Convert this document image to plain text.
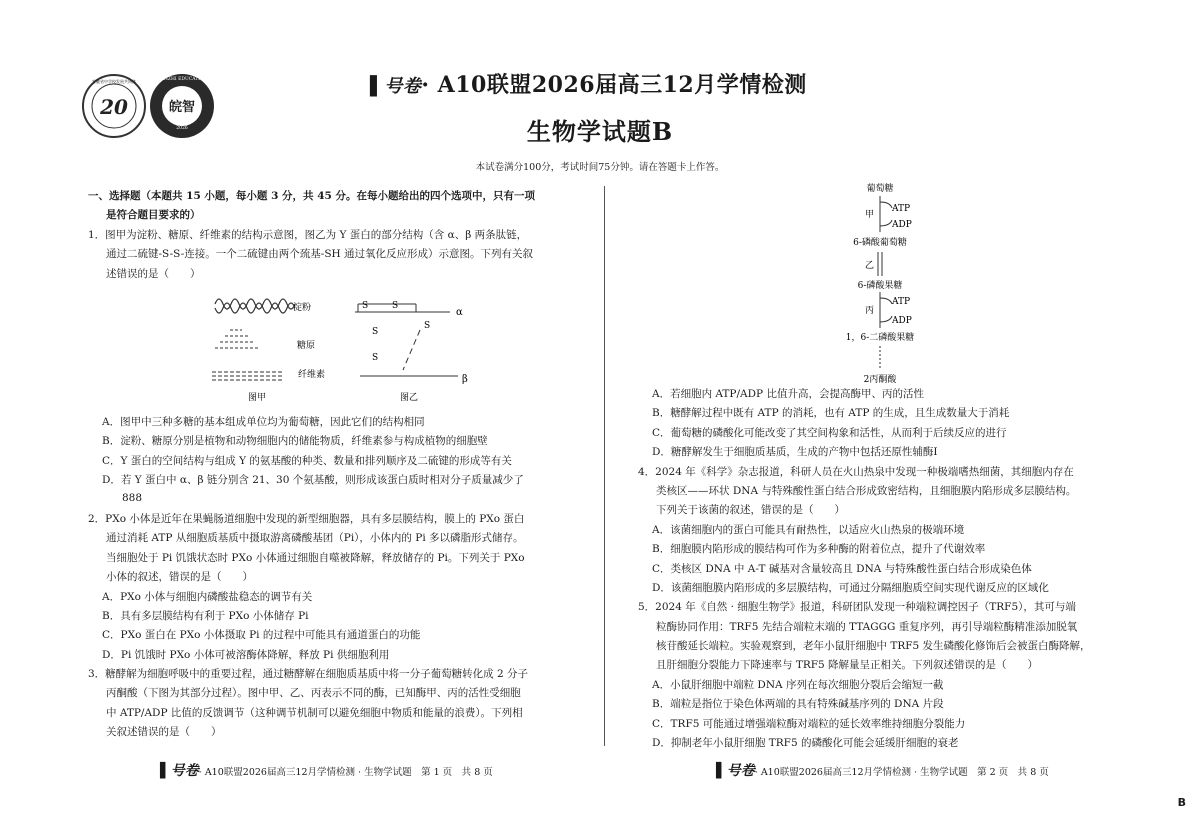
20
安徽省中学校发展共同体
皖智
WANZHI EDUCATION
2026
▌号卷· A10联盟2026届高三12月学情检测
生物学试题B
本试卷满分100分，考试时间75分钟。请在答题卡上作答。
一、选择题（本题共 15 小题，每小题 3 分，共 45 分。在每小题给出的四个选项中，只有一项
是符合题目要求的）
1．图甲为淀粉、糖原、纤维素的结构示意图，图乙为 Y 蛋白的部分结构（含 α、β 两条肽链，
通过二硫键-S-S-连接。一个二硫键由两个巯基-SH 通过氧化反应形成）示意图。下列有关叙
述错误的是（　　）
淀粉
糖原
纤维素
图甲
S	S
S
S
S
α
β
图乙
A．图甲中三种多糖的基本组成单位均为葡萄糖，因此它们的结构相同
B．淀粉、糖原分别是植物和动物细胞内的储能物质，纤维素参与构成植物的细胞壁
C．Y 蛋白的空间结构与组成 Y 的氨基酸的种类、数量和排列顺序及二硫键的形成等有关
D．若 Y 蛋白中 α、β 链分别含 21、30 个氨基酸，则形成该蛋白质时相对分子质量减少了
888
2．PXo 小体是近年在果蝇肠道细胞中发现的新型细胞器，具有多层膜结构，膜上的 PXo 蛋白
通过消耗 ATP 从细胞质基质中摄取游离磷酸基团（Pi），小体内的 Pi 多以磷脂形式储存。
当细胞处于 Pi 饥饿状态时 PXo 小体通过细胞自噬被降解，释放储存的 Pi。下列关于 PXo
小体的叙述，错误的是（　　）
A．PXo 小体与细胞内磷酸盐稳态的调节有关
B．具有多层膜结构有利于 PXo 小体储存 Pi
C．PXo 蛋白在 PXo 小体摄取 Pi 的过程中可能具有通道蛋白的功能
D．Pi 饥饿时 PXo 小体可被溶酶体降解，释放 Pi 供细胞利用
3．糖酵解为细胞呼吸中的重要过程，通过糖酵解在细胞质基质中将一分子葡萄糖转化成 2 分子
丙酮酸（下图为其部分过程）。图中甲、乙、丙表示不同的酶，已知酶甲、丙的活性受细胞
中 ATP/ADP 比值的反馈调节（这种调节机制可以避免细胞中物质和能量的浪费）。下列相
关叙述错误的是（　　）
▌号卷· A10联盟2026届高三12月学情检测 · 生物学试题　第 1 页　共 8 页
葡萄糖
甲
ATP
ADP
6-磷酸葡萄糖
乙
6-磷酸果糖
丙
ATP
ADP
1，6-二磷酸果糖
2丙酮酸
A．若细胞内 ATP/ADP 比值升高，会提高酶甲、丙的活性
B．糖酵解过程中既有 ATP 的消耗，也有 ATP 的生成，且生成数量大于消耗
C．葡萄糖的磷酸化可能改变了其空间构象和活性，从而利于后续反应的进行
D．糖酵解发生于细胞质基质，生成的产物中包括还原性辅酶Ⅰ
4．2024 年《科学》杂志报道，科研人员在火山热泉中发现一种极端嗜热细菌，其细胞内存在
类核区——环状 DNA 与特殊酸性蛋白结合形成致密结构，且细胞膜内陷形成多层膜结构。
下列关于该菌的叙述，错误的是（　　）
A．该菌细胞内的蛋白可能具有耐热性，以适应火山热泉的极端环境
B．细胞膜内陷形成的膜结构可作为多种酶的附着位点，提升了代谢效率
C．类核区 DNA 中 A-T 碱基对含量较高且 DNA 与特殊酸性蛋白结合形成染色体
D．该菌细胞膜内陷形成的多层膜结构，可通过分隔细胞质空间实现代谢反应的区域化
5．2024 年《自然 · 细胞生物学》报道，科研团队发现一种端粒调控因子（TRF5），其可与端
粒酶协同作用：TRF5 先结合端粒末端的 TTAGGG 重复序列，再引导端粒酶精准添加脱氧
核苷酸延长端粒。实验观察到，老年小鼠肝细胞中 TRF5 发生磷酸化修饰后会被蛋白酶降解，
且肝细胞分裂能力下降速率与 TRF5 降解量呈正相关。下列叙述错误的是（　　）
A．小鼠肝细胞中端粒 DNA 序列在每次细胞分裂后会缩短一截
B．端粒是指位于染色体两端的具有特殊碱基序列的 DNA 片段
C．TRF5 可能通过增强端粒酶对端粒的延长效率维持细胞分裂能力
D．抑制老年小鼠肝细胞 TRF5 的磷酸化可能会延缓肝细胞的衰老
▌号卷· A10联盟2026届高三12月学情检测 · 生物学试题　第 2 页　共 8 页
B
